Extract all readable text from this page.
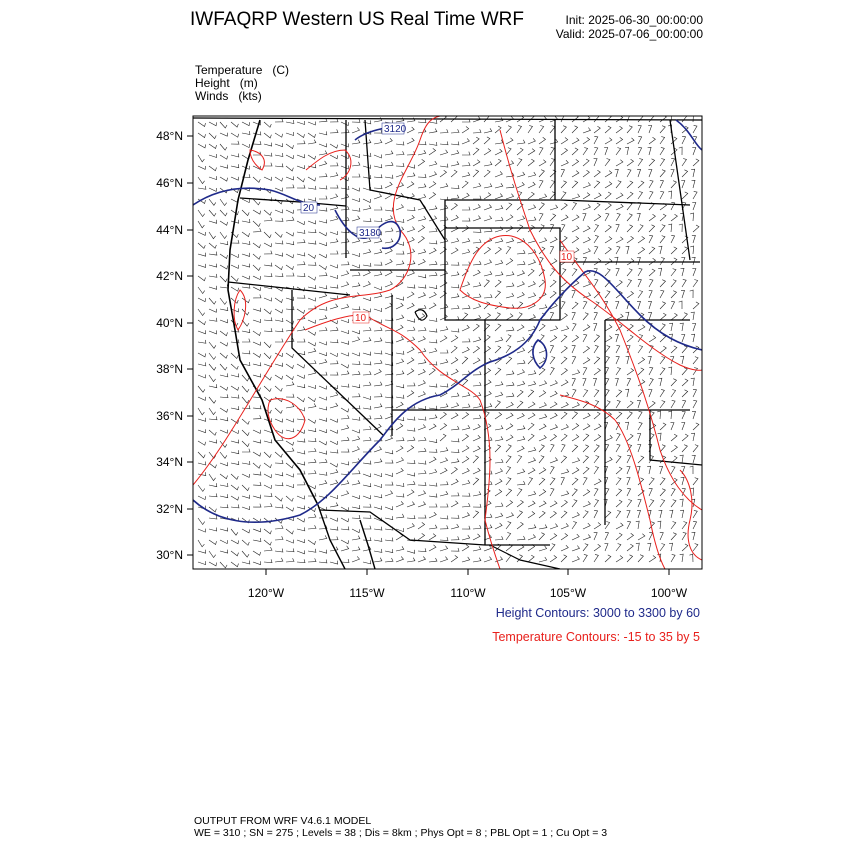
IWFAQRP Western US Real Time WRF	Init: 2025-06-30_00:00:00
Valid: 2025-07-06_00:00:00
Temperature (C)
Height (m)
Winds (kts)
3120
3180
20
10
10
48°N
46°N
44°N
42°N
40°N
38°N
36°N
34°N
32°N
30°N
120°W	115°W	110°W	105°W	100°W
Height Contours: 3000 to 3300 by 60
Temperature Contours: -15 to 35 by 5
OUTPUT FROM WRF V4.6.1 MODEL
WE = 310 ; SN = 275 ; Levels = 38 ; Dis = 8km ; Phys Opt = 8 ; PBL Opt = 1 ; Cu Opt = 3
